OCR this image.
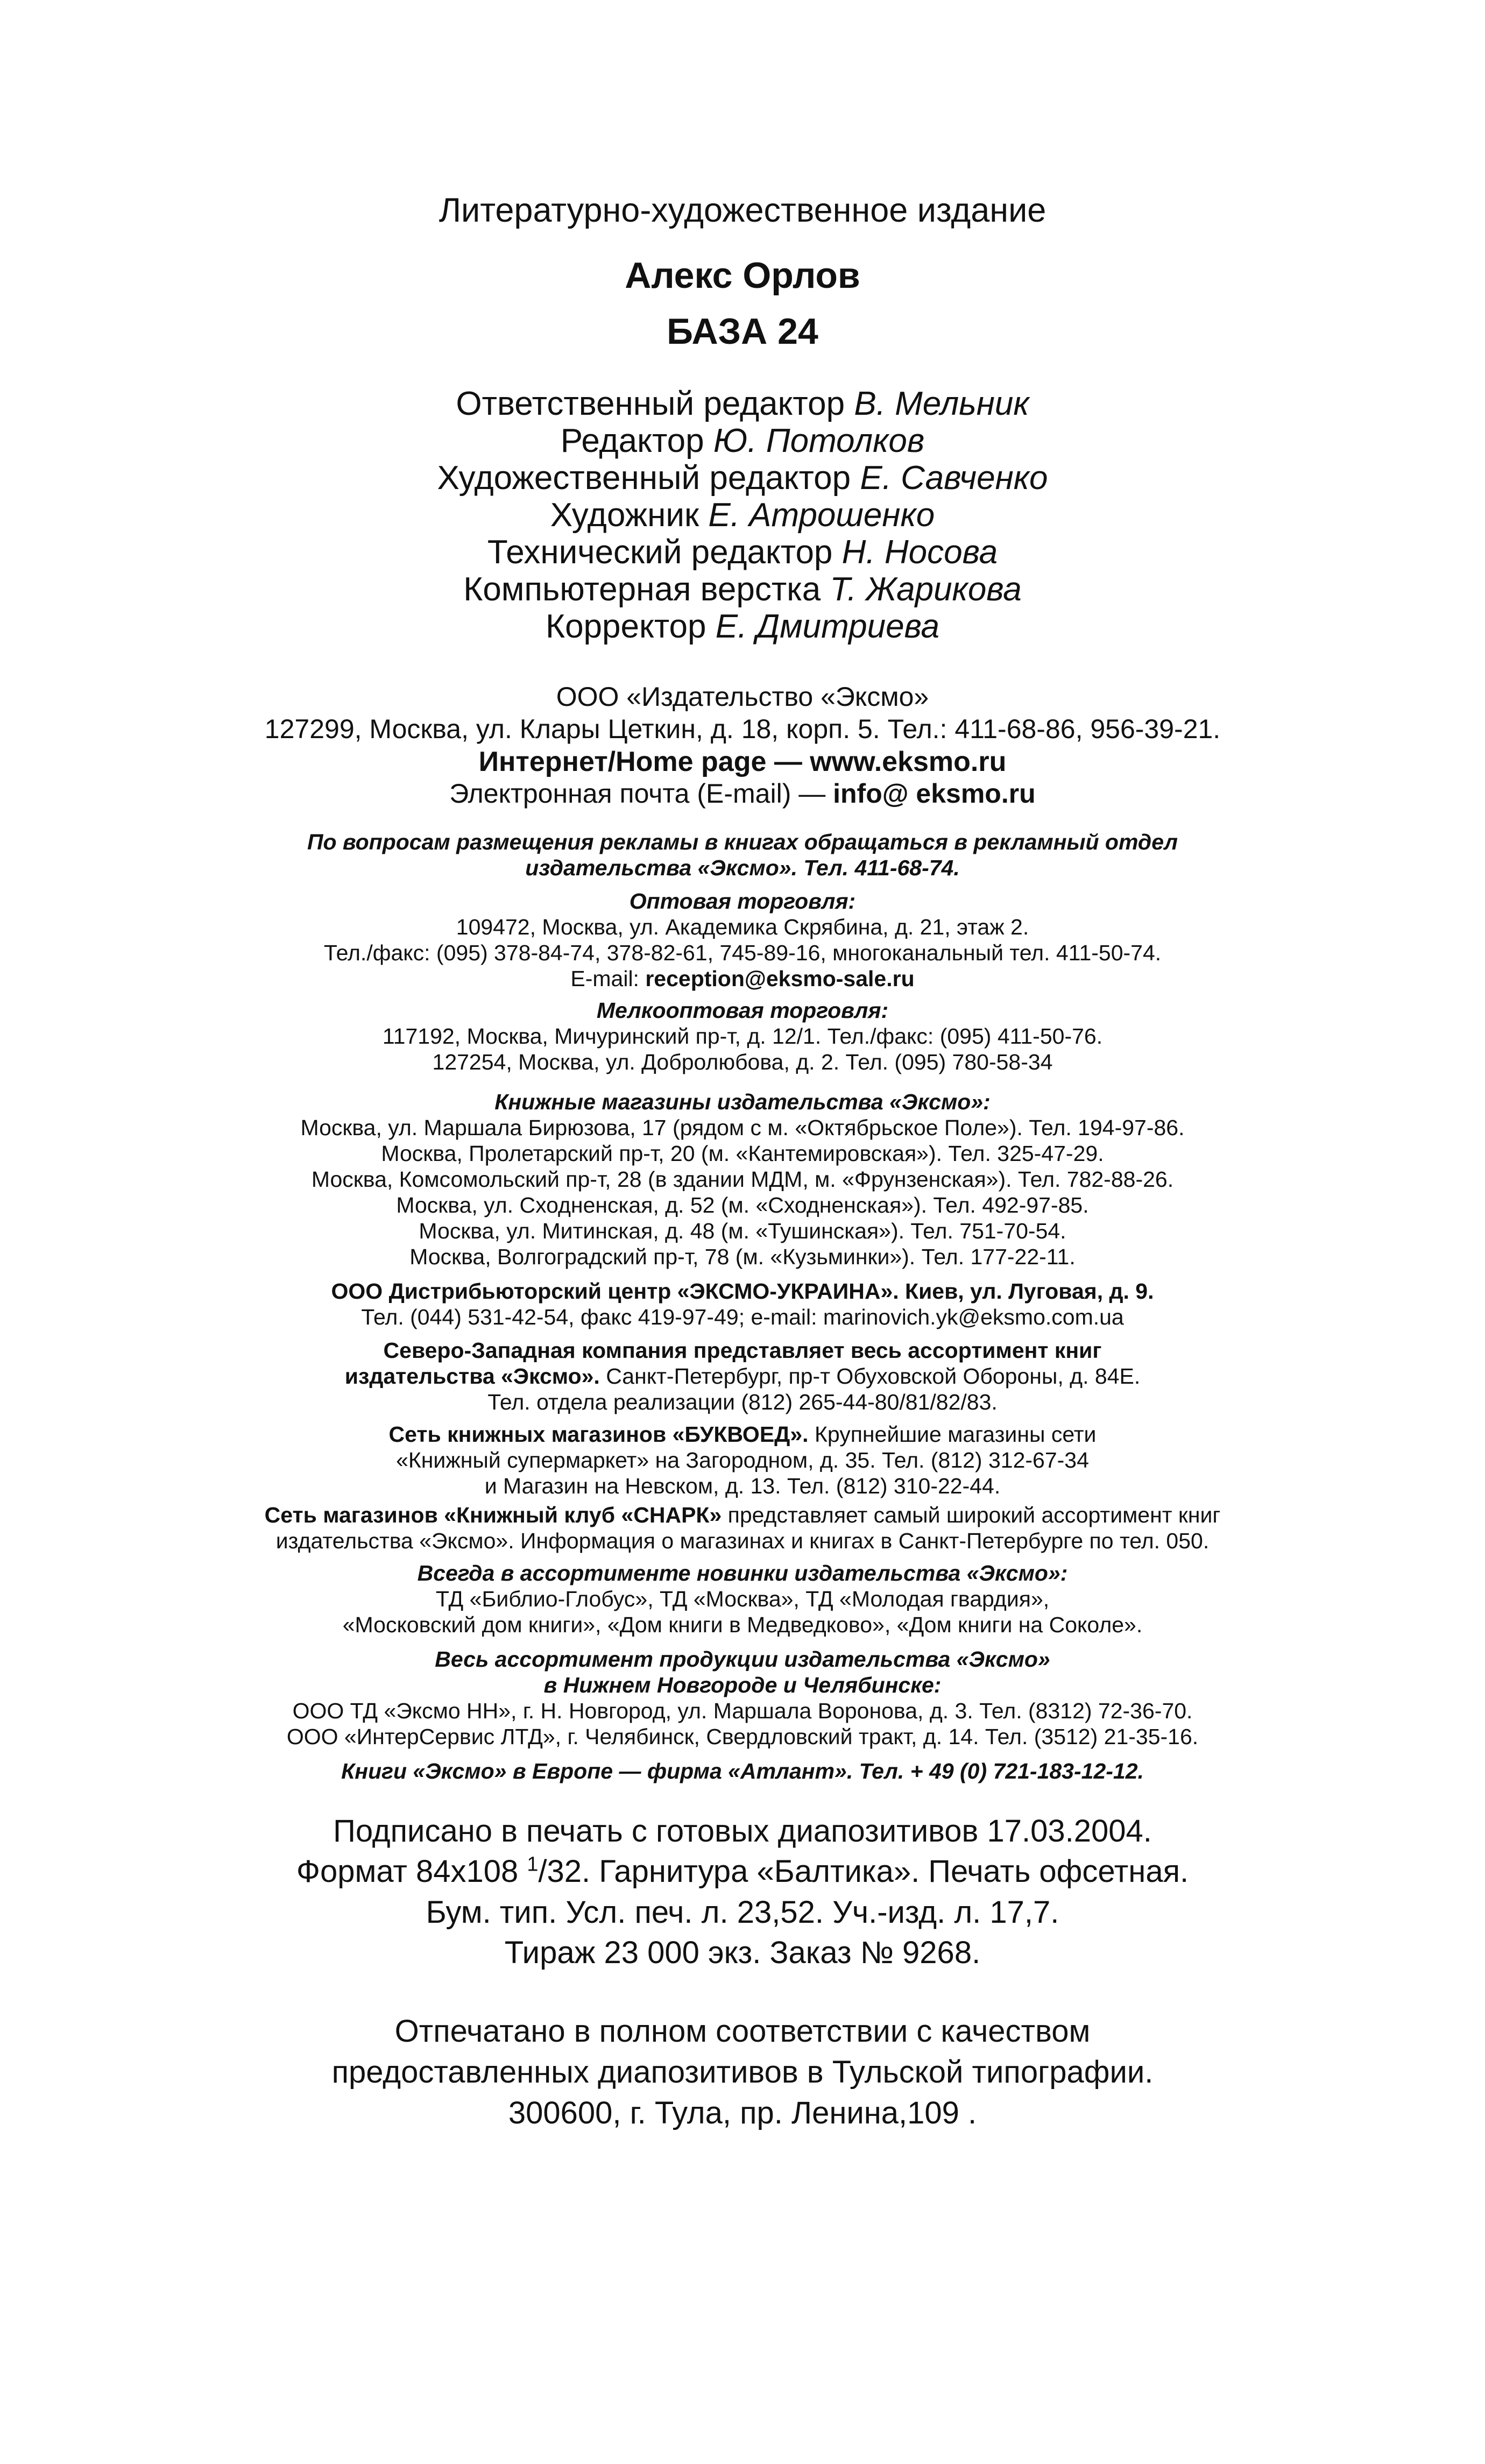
Литературно-художественное издание
Алекс Орлов
БАЗА 24
Ответственный редактор В. Мельник
Редактор Ю. Потолков
Художественный редактор Е. Савченко
Художник Е. Атрошенко
Технический редактор Н. Носова
Компьютерная верстка Т. Жарикова
Корректор Е. Дмитриева
ООО «Издательство «Эксмо»
127299, Москва, ул. Клары Цеткин, д. 18, корп. 5. Тел.: 411-68-86, 956-39-21.
Интернет/Home page — www.eksmo.ru
Электронная почта (E-mail) — info@ eksmo.ru
По вопросам размещения рекламы в книгах обращаться в рекламный отдел
издательства «Эксмо». Тел. 411-68-74.
Оптовая торговля:
109472, Москва, ул. Академика Скрябина, д. 21, этаж 2.
Тел./факс: (095) 378-84-74, 378-82-61, 745-89-16, многоканальный тел. 411-50-74.
E-mail: reception@eksmo-sale.ru
Мелкооптовая торговля:
117192, Москва, Мичуринский пр-т, д. 12/1. Тел./факс: (095) 411-50-76.
127254, Москва, ул. Добролюбова, д. 2. Тел. (095) 780-58-34
Книжные магазины издательства «Эксмо»:
Москва, ул. Маршала Бирюзова, 17 (рядом с м. «Октябрьское Поле»). Тел. 194-97-86.
Москва, Пролетарский пр-т, 20 (м. «Кантемировская»). Тел. 325-47-29.
Москва, Комсомольский пр-т, 28 (в здании МДМ, м. «Фрунзенская»). Тел. 782-88-26.
Москва, ул. Сходненская, д. 52 (м. «Сходненская»). Тел. 492-97-85.
Москва, ул. Митинская, д. 48 (м. «Тушинская»). Тел. 751-70-54.
Москва, Волгоградский пр-т, 78 (м. «Кузьминки»). Тел. 177-22-11.
ООО Дистрибьюторский центр «ЭКСМО-УКРАИНА». Киев, ул. Луговая, д. 9.
Тел. (044) 531-42-54, факс 419-97-49; e-mail: marinovich.yk@eksmo.com.ua
Северо-Западная компания представляет весь ассортимент книг
издательства «Эксмо». Санкт-Петербург, пр-т Обуховской Обороны, д. 84Е.
Тел. отдела реализации (812) 265-44-80/81/82/83.
Сеть книжных магазинов «БУКВОЕД». Крупнейшие магазины сети
«Книжный супермаркет» на Загородном, д. 35. Тел. (812) 312-67-34
и Магазин на Невском, д. 13. Тел. (812) 310-22-44.
Сеть магазинов «Книжный клуб «СНАРК» представляет самый широкий ассортимент книг
издательства «Эксмо». Информация о магазинах и книгах в Санкт-Петербурге по тел. 050.
Всегда в ассортименте новинки издательства «Эксмо»:
ТД «Библио-Глобус», ТД «Москва», ТД «Молодая гвардия»,
«Московский дом книги», «Дом книги в Медведково», «Дом книги на Соколе».
Весь ассортимент продукции издательства «Эксмо»
в Нижнем Новгороде и Челябинске:
ООО ТД «Эксмо НН», г. Н. Новгород, ул. Маршала Воронова, д. 3. Тел. (8312) 72-36-70.
ООО «ИнтерСервис ЛТД», г. Челябинск, Свердловский тракт, д. 14. Тел. (3512) 21-35-16.
Книги «Эксмо» в Европе — фирма «Атлант». Тел. + 49 (0) 721-183-12-12.
Подписано в печать с готовых диапозитивов 17.03.2004.
Формат 84х108 $^1$/32. Гарнитура «Балтика». Печать офсетная.
Бум. тип. Усл. печ. л. 23,52. Уч.-изд. л. 17,7.
Тираж 23 000 экз. Заказ № 9268.
Отпечатано в полном соответствии с качеством
предоставленных диапозитивов в Тульской типографии.
300600, г. Тула, пр. Ленина,109 .
